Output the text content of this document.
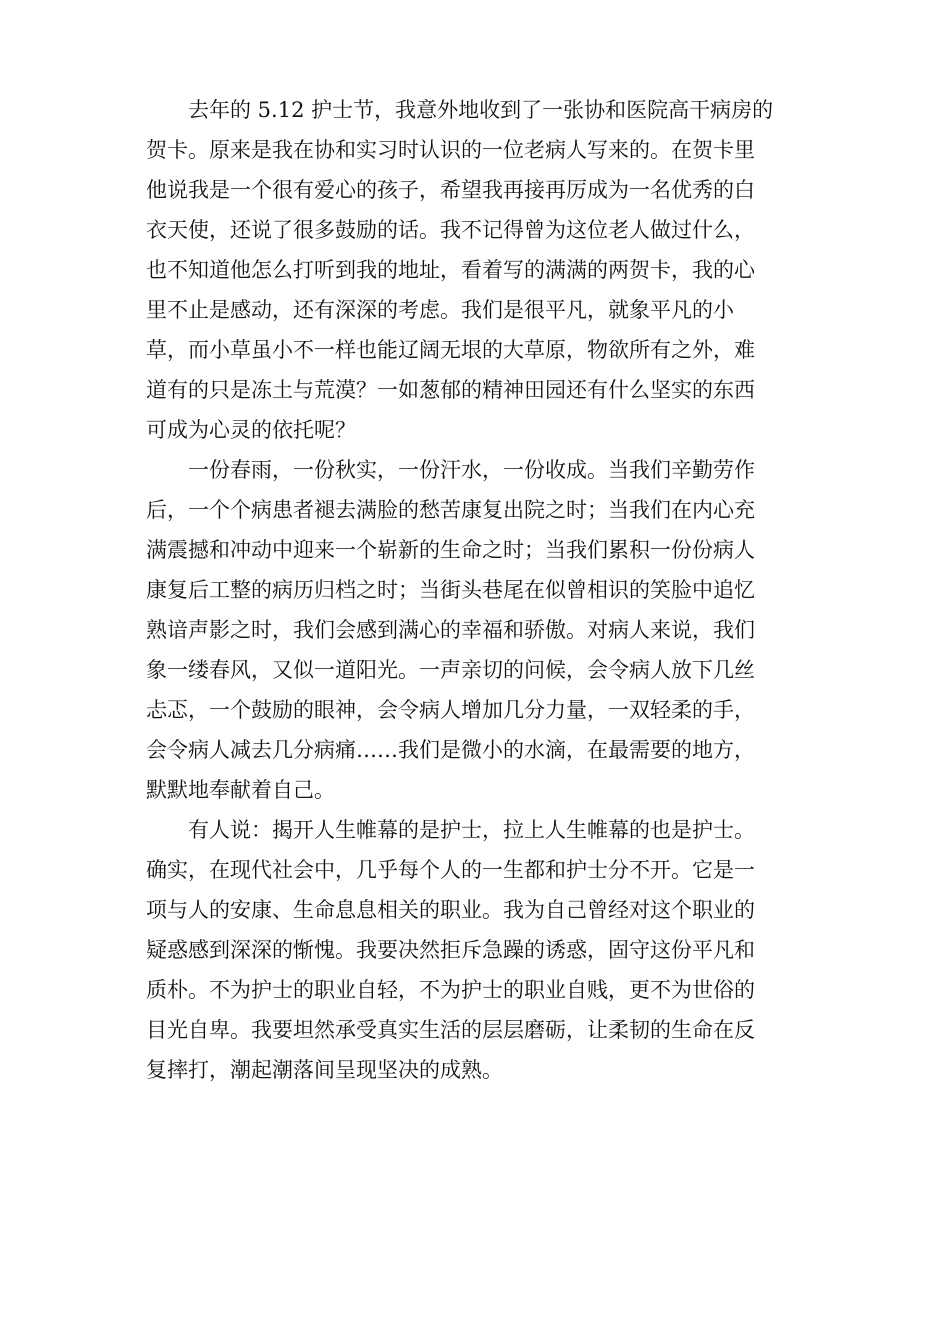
去年的 5.12 护士节，我意外地收到了一张协和医院高干病房的
贺卡。原来是我在协和实习时认识的一位老病人写来的。在贺卡里
他说我是一个很有爱心的孩子，希望我再接再厉成为一名优秀的白
衣天使，还说了很多鼓励的话。我不记得曾为这位老人做过什么，
也不知道他怎么打听到我的地址，看着写的满满的两贺卡，我的心
里不止是感动，还有深深的考虑。我们是很平凡，就象平凡的小
草，而小草虽小不一样也能辽阔无垠的大草原，物欲所有之外，难
道有的只是冻土与荒漠？一如葱郁的精神田园还有什么坚实的东西
可成为心灵的依托呢？
一份春雨，一份秋实，一份汗水，一份收成。当我们辛勤劳作
后，一个个病患者褪去满脸的愁苦康复出院之时；当我们在内心充
满震撼和冲动中迎来一个崭新的生命之时；当我们累积一份份病人
康复后工整的病历归档之时；当街头巷尾在似曾相识的笑脸中追忆
熟谙声影之时，我们会感到满心的幸福和骄傲。对病人来说，我们
象一缕春风，又似一道阳光。一声亲切的问候，会令病人放下几丝
忐忑，一个鼓励的眼神，会令病人增加几分力量，一双轻柔的手，
会令病人减去几分病痛……我们是微小的水滴，在最需要的地方，
默默地奉献着自己。
有人说：揭开人生帷幕的是护士，拉上人生帷幕的也是护士。
确实，在现代社会中，几乎每个人的一生都和护士分不开。它是一
项与人的安康、生命息息相关的职业。我为自己曾经对这个职业的
疑惑感到深深的惭愧。我要决然拒斥急躁的诱惑，固守这份平凡和
质朴。不为护士的职业自轻，不为护士的职业自贱，更不为世俗的
目光自卑。我要坦然承受真实生活的层层磨砺，让柔韧的生命在反
复摔打，潮起潮落间呈现坚决的成熟。
